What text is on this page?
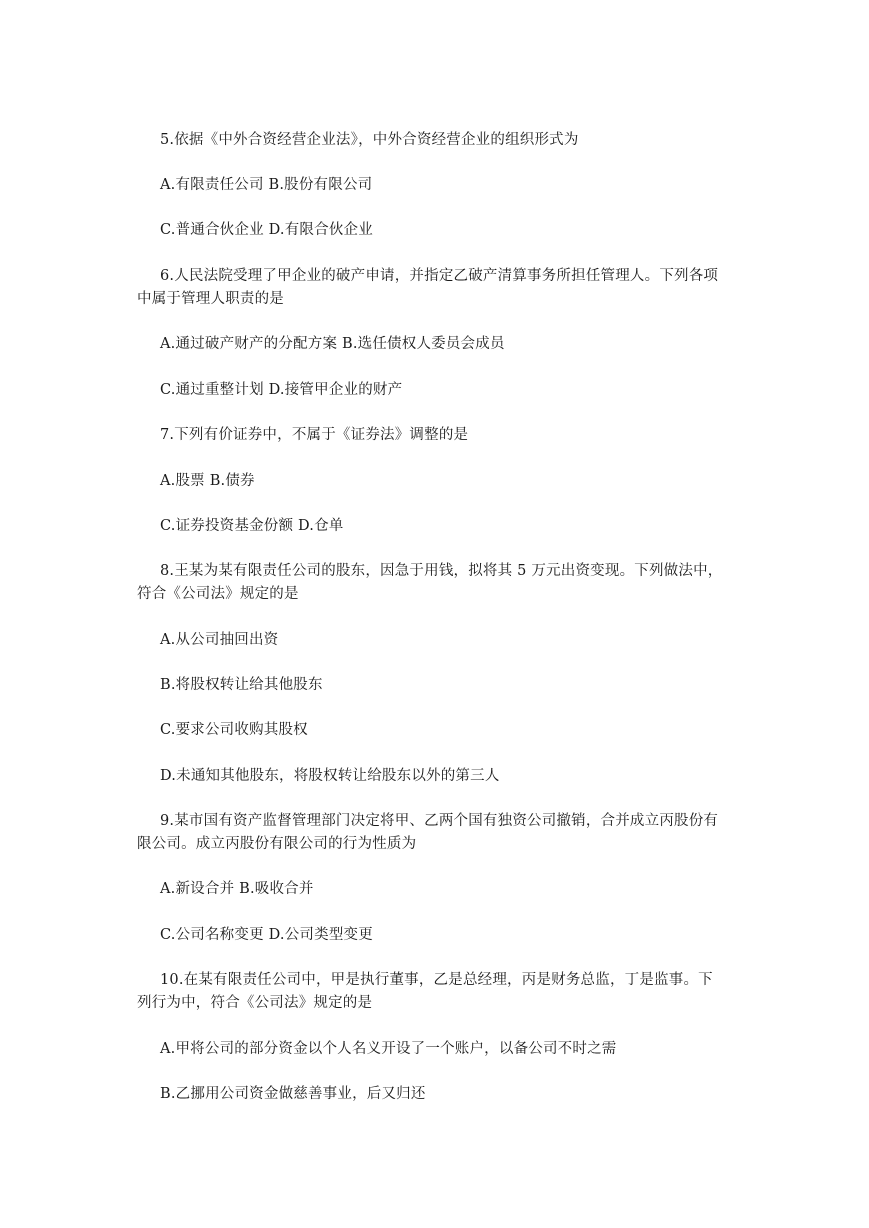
5.依据《中外合资经营企业法》，中外合资经营企业的组织形式为
A.有限责任公司 B.股份有限公司
C.普通合伙企业 D.有限合伙企业
6.人民法院受理了甲企业的破产申请，并指定乙破产清算事务所担任管理人。下列各项
中属于管理人职责的是
A.通过破产财产的分配方案 B.选任债权人委员会成员
C.通过重整计划 D.接管甲企业的财产
7.下列有价证券中，不属于《证券法》调整的是
A.股票 B.债券
C.证券投资基金份额 D.仓单
8.王某为某有限责任公司的股东，因急于用钱，拟将其 5 万元出资变现。下列做法中，
符合《公司法》规定的是
A.从公司抽回出资
B.将股权转让给其他股东
C.要求公司收购其股权
D.未通知其他股东，将股权转让给股东以外的第三人
9.某市国有资产监督管理部门决定将甲、乙两个国有独资公司撤销，合并成立丙股份有
限公司。成立丙股份有限公司的行为性质为
A.新设合并 B.吸收合并
C.公司名称变更 D.公司类型变更
10.在某有限责任公司中，甲是执行董事，乙是总经理，丙是财务总监，丁是监事。下
列行为中，符合《公司法》规定的是
A.甲将公司的部分资金以个人名义开设了一个账户，以备公司不时之需
B.乙挪用公司资金做慈善事业，后又归还
